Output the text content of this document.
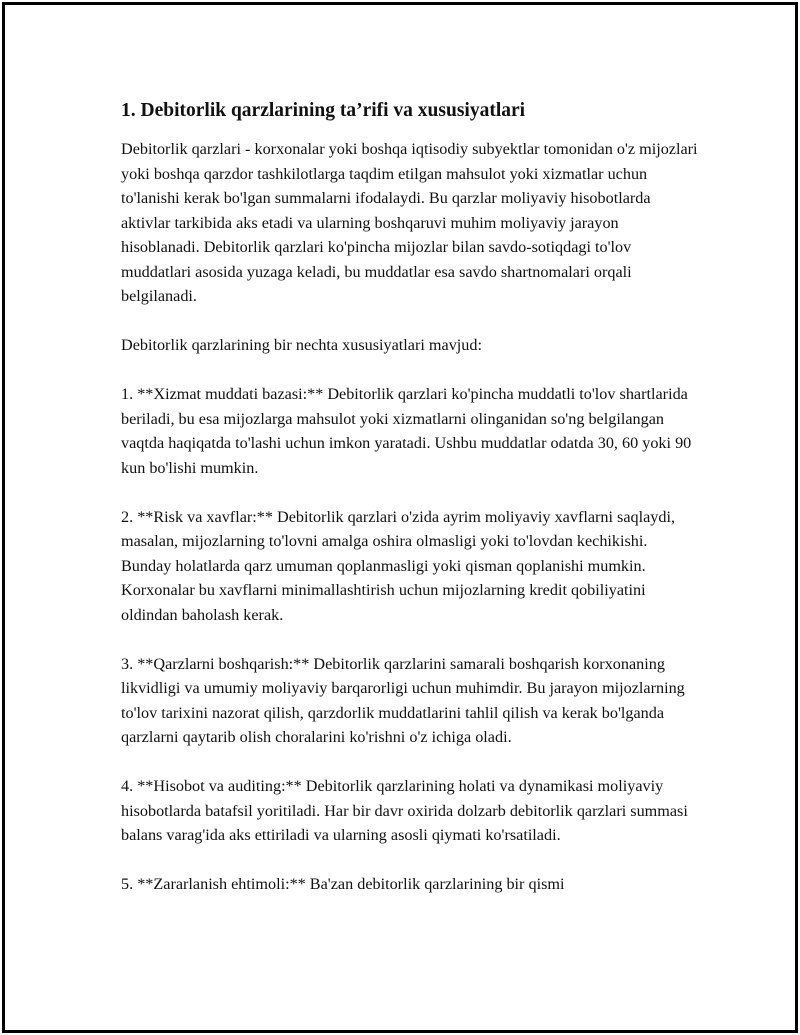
1. Debitorlik qarzlarining ta’rifi va xususiyatlari

Debitorlik qarzlari - korxonalar yoki boshqa iqtisodiy subyektlar tomonidan o'z mijozlari yoki boshqa qarzdor tashkilotlarga taqdim etilgan mahsulot yoki xizmatlar uchun to'lanishi kerak bo'lgan summalarni ifodalaydi. Bu qarzlar moliyaviy hisobotlarda aktivlar tarkibida aks etadi va ularning boshqaruvi muhim moliyaviy jarayon hisoblanadi. Debitorlik qarzlari ko'pincha mijozlar bilan savdo-sotiqdagi to'lov muddatlari asosida yuzaga keladi, bu muddatlar esa savdo shartnomalari orqali belgilanadi.

Debitorlik qarzlarining bir nechta xususiyatlari mavjud:

1. **Xizmat muddati bazasi:** Debitorlik qarzlari ko'pincha muddatli to'lov shartlarida beriladi, bu esa mijozlarga mahsulot yoki xizmatlarni olinganidan so'ng belgilangan vaqtda haqiqatda to'lashi uchun imkon yaratadi. Ushbu muddatlar odatda 30, 60 yoki 90 kun bo'lishi mumkin.

2. **Risk va xavflar:** Debitorlik qarzlari o'zida ayrim moliyaviy xavflarni saqlaydi, masalan, mijozlarning to'lovni amalga oshira olmasligi yoki to'lovdan kechikishi. Bunday holatlarda qarz umuman qoplanmasligi yoki qisman qoplanishi mumkin. Korxonalar bu xavflarni minimallashtirish uchun mijozlarning kredit qobiliyatini oldindan baholash kerak.

3. **Qarzlarni boshqarish:** Debitorlik qarzlarini samarali boshqarish korxonaning likvidligi va umumiy moliyaviy barqarorligi uchun muhimdir. Bu jarayon mijozlarning to'lov tarixini nazorat qilish, qarzdorlik muddatlarini tahlil qilish va kerak bo'lganda qarzlarni qaytarib olish choralarini ko'rishni o'z ichiga oladi.

4. **Hisobot va auditing:** Debitorlik qarzlarining holati va dynamikasi moliyaviy hisobotlarda batafsil yoritiladi. Har bir davr oxirida dolzarb debitorlik qarzlari summasi balans varag'ida aks ettiriladi va ularning asosli qiymati ko'rsatiladi.

5. **Zararlanish ehtimoli:** Ba'zan debitorlik qarzlarining bir qismi
